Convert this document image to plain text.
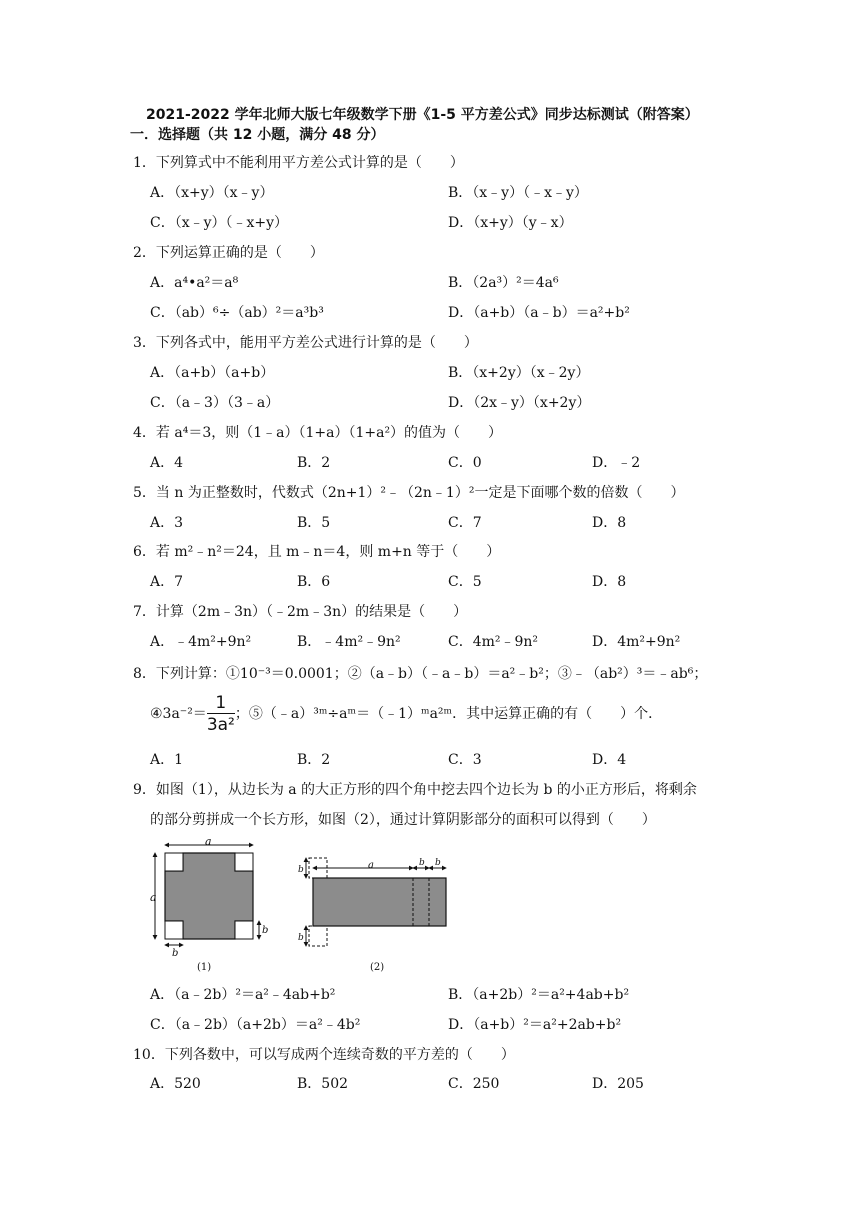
2021-2022 学年北师大版七年级数学下册《1-5 平方差公式》同步达标测试（附答案）
一．选择题（共 12 小题，满分 48 分）
1．下列算式中不能利用平方差公式计算的是（　　）
A．（x+y）（x﹣y）	B．（x﹣y）（﹣x﹣y）
C．（x﹣y）（﹣x+y）	D．（x+y）（y﹣x）
2．下列运算正确的是（　　）
A．a⁴•a²＝a⁸	B．（2a³）²＝4a⁶
C．（ab）⁶÷（ab）²＝a³b³	D．（a+b）（a﹣b）＝a²+b²
3．下列各式中，能用平方差公式进行计算的是（　　）
A．（a+b）（a+b）	B．（x+2y）（x﹣2y）
C．（a﹣3）（3﹣a）	D．（2x﹣y）（x+2y）
4．若 a⁴＝3，则（1﹣a）（1+a）（1+a²）的值为（　　）
A．4	B．2	C．0	D．﹣2
5．当 n 为正整数时，代数式（2n+1）²﹣（2n﹣1）²一定是下面哪个数的倍数（　　）
A．3	B．5	C．7	D．8
6．若 m²﹣n²＝24，且 m﹣n＝4，则 m+n 等于（　　）
A．7	B．6	C．5	D．8
7．计算（2m﹣3n）（﹣2m﹣3n）的结果是（　　）
A．﹣4m²+9n²	B．﹣4m²﹣9n²	C．4m²﹣9n²	D．4m²+9n²
8．下列计算：①10⁻³＝0.0001；②（a﹣b）（﹣a﹣b）＝a²﹣b²；③﹣（ab²）³＝﹣ab⁶；
④3a⁻²＝ $\frac{1}{\text{3a²}}$ ；⑤（﹣a）³ᵐ÷aᵐ＝（﹣1）ᵐa²ᵐ．其中运算正确的有（　　）个．
A．1	B．2	C．3	D．4
9．如图（1），从边长为 a 的大正方形的四个角中挖去四个边长为 b 的小正方形后，将剩余
的部分剪拼成一个长方形，如图（2），通过计算阴影部分的面积可以得到（　　）
a
a
b
b
(1)
a	b b
b
b
(2)
A．（a﹣2b）²＝a²﹣4ab+b²	B．（a+2b）²＝a²+4ab+b²
C．（a﹣2b）（a+2b）＝a²﹣4b²	D．（a+b）²＝a²+2ab+b²
10．下列各数中，可以写成两个连续奇数的平方差的（　　）
A．520	B．502	C．250	D．205
